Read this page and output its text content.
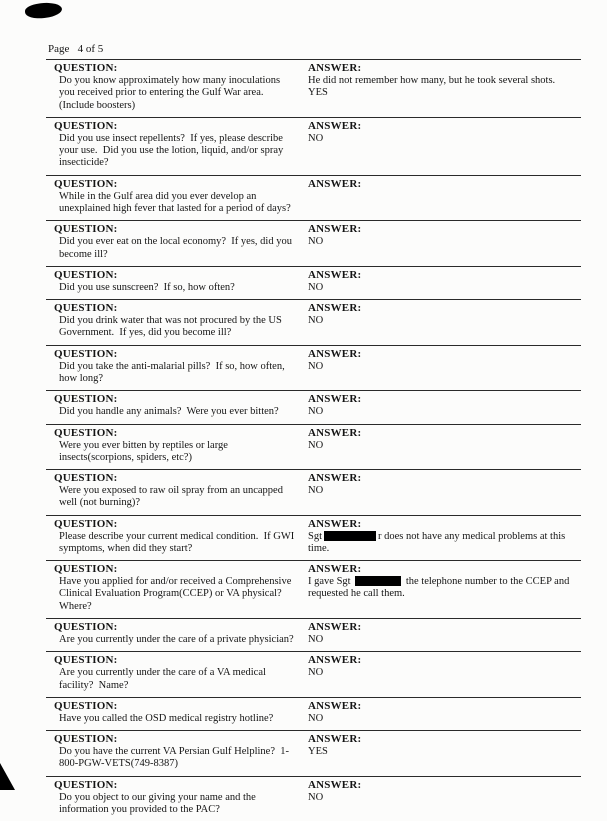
Page   4 of 5
QUESTION:
Do you know approximately how many inoculations you received prior to entering the Gulf War area. (Include boosters)
ANSWER:
He did not remember how many, but he took several shots.
YES
QUESTION:
Did you use insect repellents?  If yes, please describe your use.  Did you use the lotion, liquid, and/or spray insecticide?
ANSWER:
NO
QUESTION:
While in the Gulf area did you ever develop an unexplained high fever that lasted for a period of days?
ANSWER:
QUESTION:
Did you ever eat on the local economy?  If yes, did you become ill?
ANSWER:
NO
QUESTION:
Did you use sunscreen?  If so, how often?
ANSWER:
NO
QUESTION:
Did you drink water that was not procured by the US Government.  If yes, did you become ill?
ANSWER:
NO
QUESTION:
Did you take the anti-malarial pills?  If so, how often, how long?
ANSWER:
NO
QUESTION:
Did you handle any animals?  Were you ever bitten?
ANSWER:
NO
QUESTION:
Were you ever bitten by reptiles or large insects(scorpions, spiders, etc?)
ANSWER:
NO
QUESTION:
Were you exposed to raw oil spray from an uncapped well (not burning)?
ANSWER:
NO
QUESTION:
Please describe your current medical condition.  If GWI symptoms, when did they start?
ANSWER:
Sgt	r does not have any medical problems at this time.
QUESTION:
Have you applied for and/or received a Comprehensive Clinical Evaluation Program(CCEP) or VA physical?  Where?
ANSWER:
I gave Sgt	the telephone number to the CCEP and requested he call them.
QUESTION:
Are you currently under the care of a private physician?
ANSWER:
NO
QUESTION:
Are you currently under the care of a VA medical facility?  Name?
ANSWER:
NO
QUESTION:
Have you called the OSD medical registry hotline?
ANSWER:
NO
QUESTION:
Do you have the current VA Persian Gulf Helpline?  1-800-PGW-VETS(749-8387)
ANSWER:
YES
QUESTION:
Do you object to our giving your name and the information you provided to the PAC?
ANSWER:
NO
